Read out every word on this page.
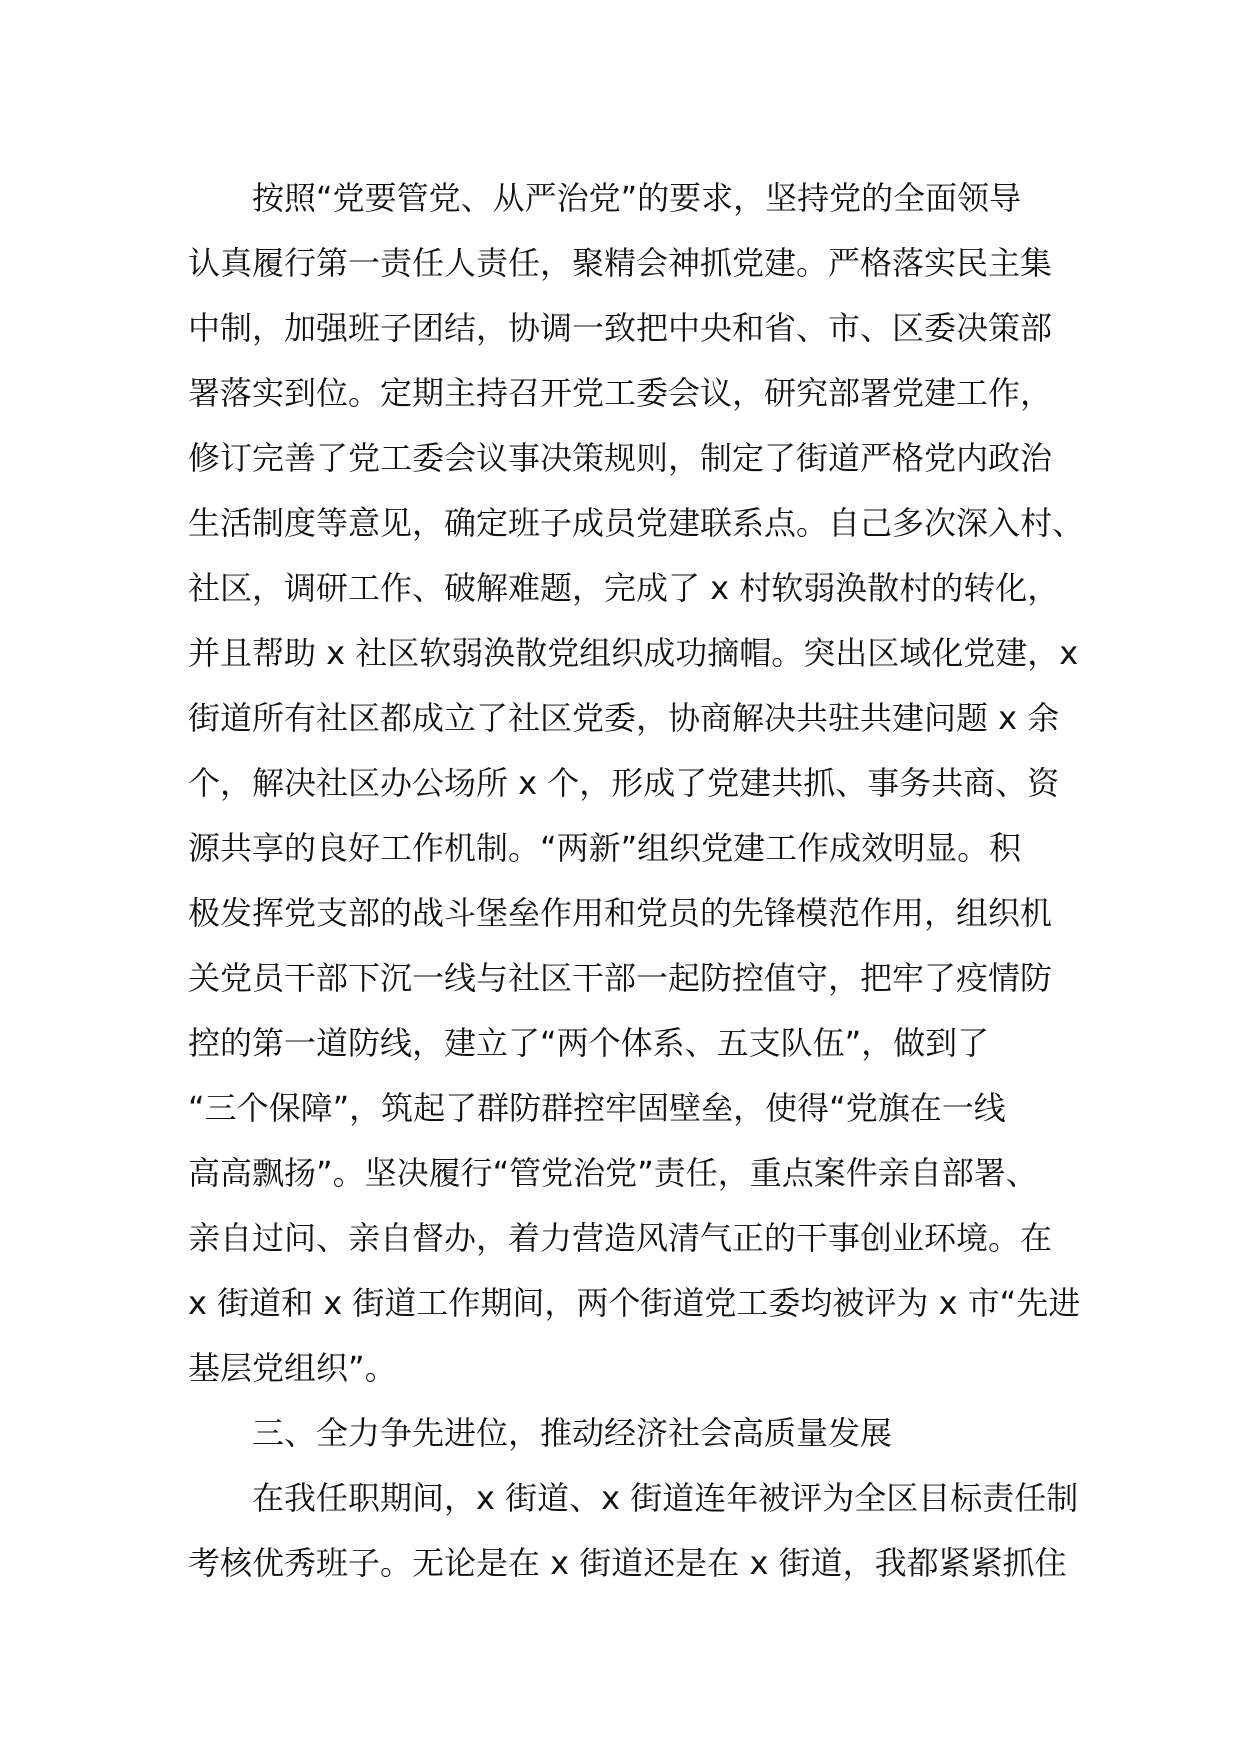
按照“党要管党、从严治党”的要求，坚持党的全面领导
认真履行第一责任人责任，聚精会神抓党建。严格落实民主集
中制，加强班子团结，协调一致把中央和省、市、区委决策部
署落实到位。定期主持召开党工委会议，研究部署党建工作，
修订完善了党工委会议事决策规则，制定了街道严格党内政治
生活制度等意见，确定班子成员党建联系点。自己多次深入村、
社区，调研工作、破解难题，完成了 x 村软弱涣散村的转化，
并且帮助 x 社区软弱涣散党组织成功摘帽。突出区域化党建，x
街道所有社区都成立了社区党委，协商解决共驻共建问题 x 余
个，解决社区办公场所 x 个，形成了党建共抓、事务共商、资
源共享的良好工作机制。“两新”组织党建工作成效明显。积
极发挥党支部的战斗堡垒作用和党员的先锋模范作用，组织机
关党员干部下沉一线与社区干部一起防控值守，把牢了疫情防
控的第一道防线，建立了“两个体系、五支队伍”，做到了
“三个保障”，筑起了群防群控牢固壁垒，使得“党旗在一线
高高飘扬”。坚决履行“管党治党”责任，重点案件亲自部署、
亲自过问、亲自督办，着力营造风清气正的干事创业环境。在
x 街道和 x 街道工作期间，两个街道党工委均被评为 x 市“先进
基层党组织”。
三、全力争先进位，推动经济社会高质量发展
在我任职期间，x 街道、x 街道连年被评为全区目标责任制
考核优秀班子。无论是在 x 街道还是在 x 街道，我都紧紧抓住
